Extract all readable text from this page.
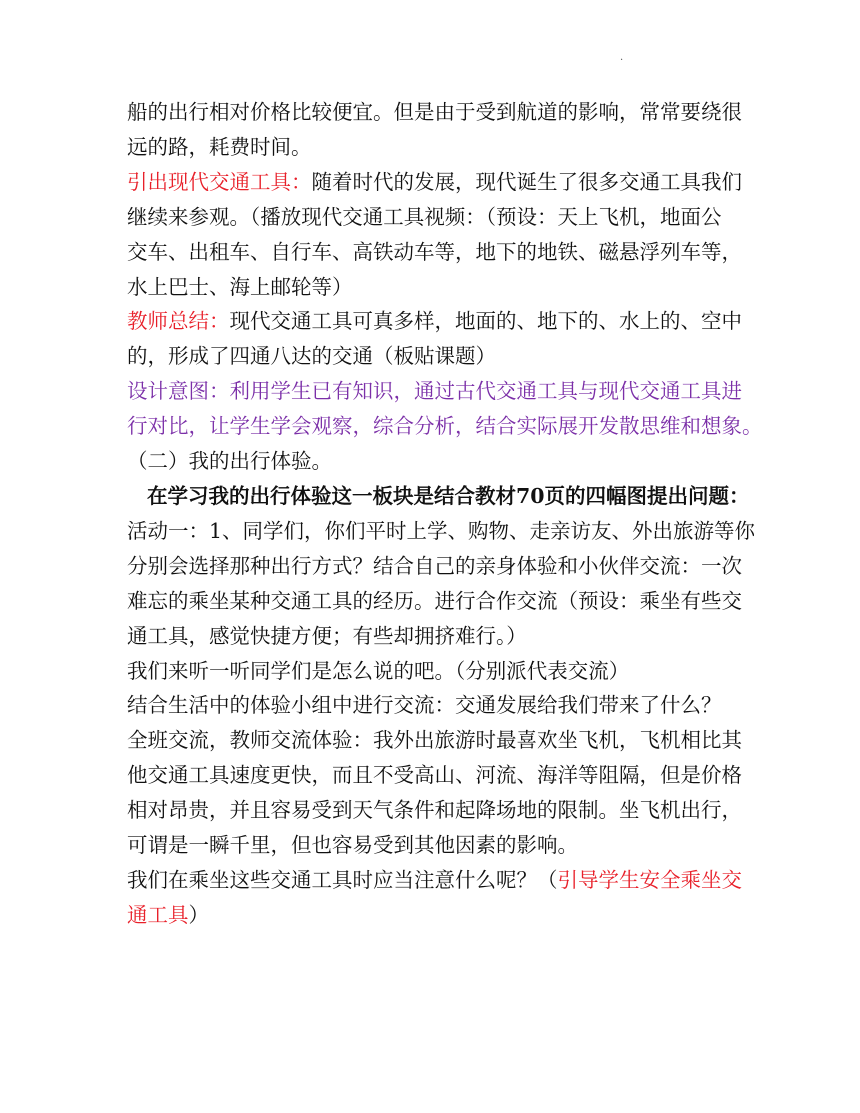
.
船的出行相对价格比较便宜。但是由于受到航道的影响，常常要绕很
远的路，耗费时间。
引出现代交通工具：随着时代的发展，现代诞生了很多交通工具我们
继续来参观。（播放现代交通工具视频：（预设：天上飞机，地面公
交车、出租车、自行车、高铁动车等，地下的地铁、磁悬浮列车等，
水上巴士、海上邮轮等）
教师总结：现代交通工具可真多样，地面的、地下的、水上的、空中
的，形成了四通八达的交通（板贴课题）
设计意图：利用学生已有知识，通过古代交通工具与现代交通工具进
行对比，让学生学会观察，综合分析，结合实际展开发散思维和想象。
（二）我的出行体验。
在学习我的出行体验这一板块是结合教材70页的四幅图提出问题：
活动一：1、同学们，你们平时上学、购物、走亲访友、外出旅游等你
分别会选择那种出行方式？结合自己的亲身体验和小伙伴交流：一次
难忘的乘坐某种交通工具的经历。进行合作交流（预设：乘坐有些交
通工具，感觉快捷方便；有些却拥挤难行。）
我们来听一听同学们是怎么说的吧。（分别派代表交流）
结合生活中的体验小组中进行交流：交通发展给我们带来了什么？
全班交流，教师交流体验：我外出旅游时最喜欢坐飞机，飞机相比其
他交通工具速度更快，而且不受高山、河流、海洋等阻隔，但是价格
相对昂贵，并且容易受到天气条件和起降场地的限制。坐飞机出行，
可谓是一瞬千里，但也容易受到其他因素的影响。
我们在乘坐这些交通工具时应当注意什么呢？（引导学生安全乘坐交
通工具）
